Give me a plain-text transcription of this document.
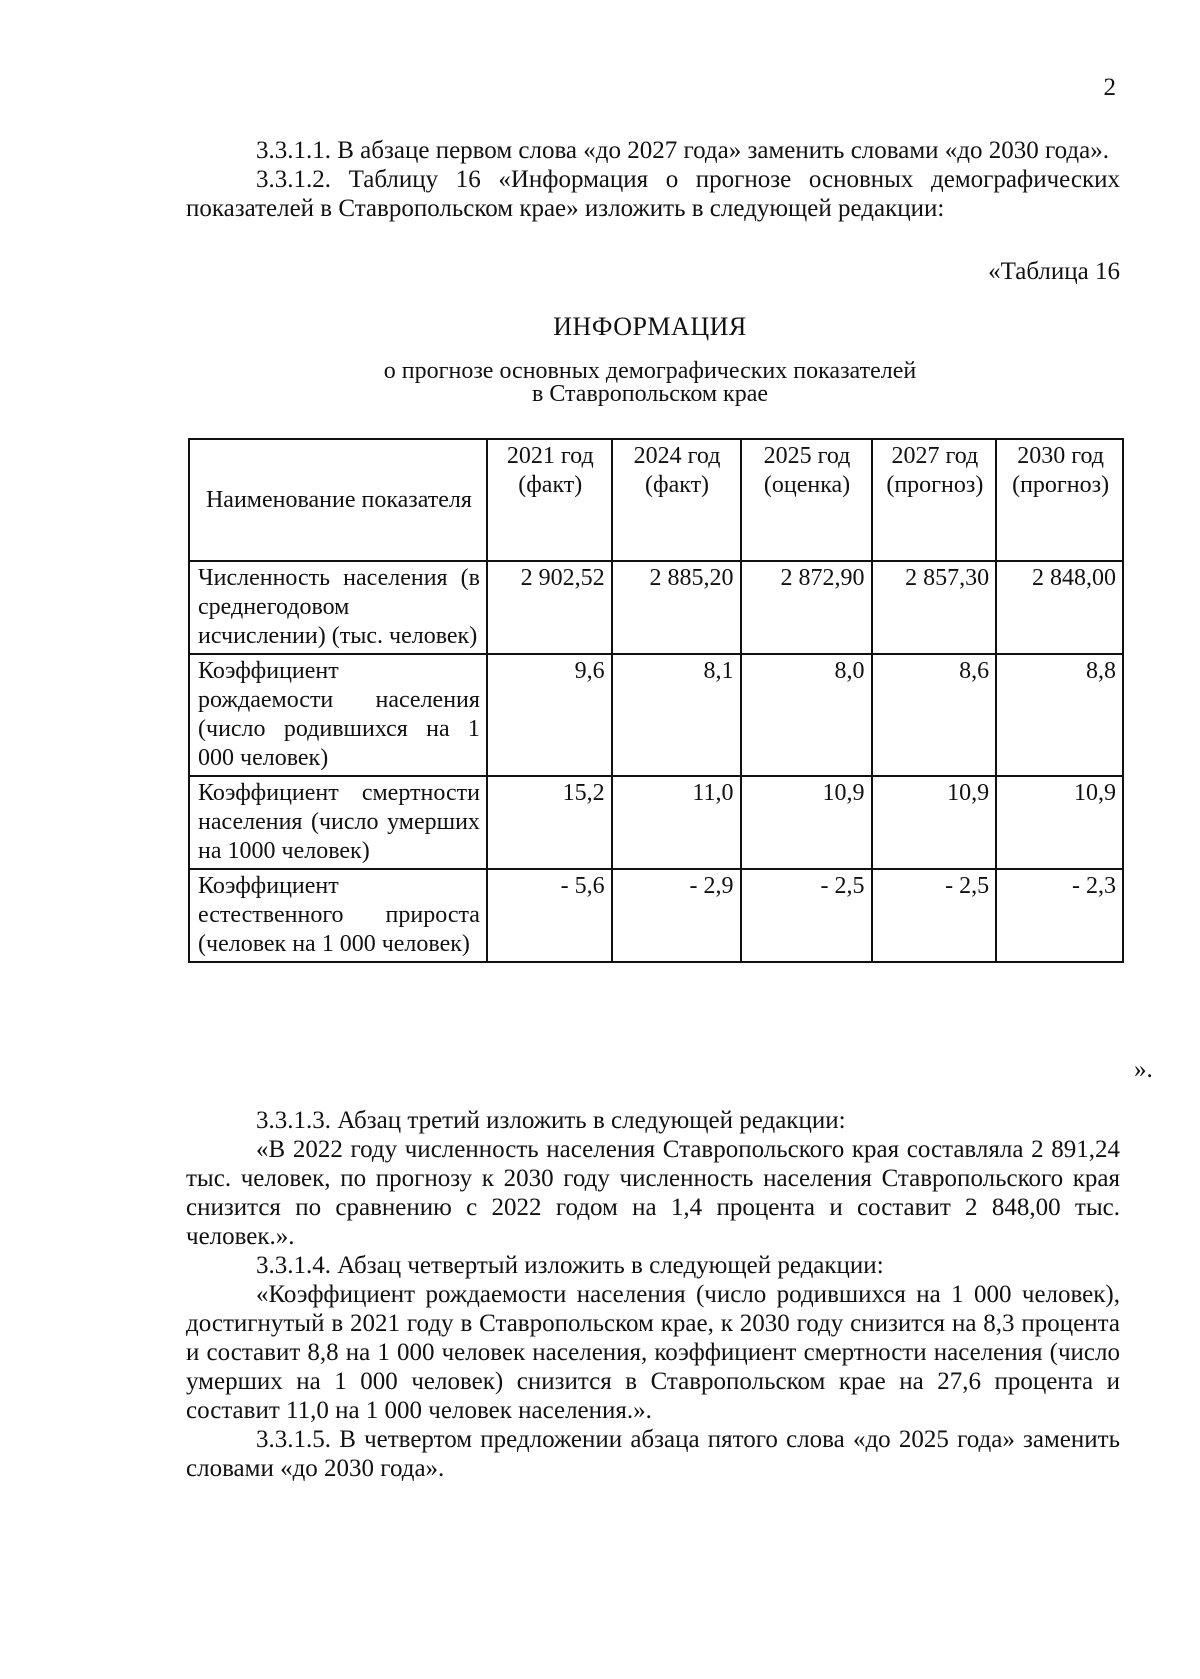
2

3.3.1.1. В абзаце первом слова «до 2027 года» заменить словами «до 2030 года».

3.3.1.2. Таблицу 16 «Информация о прогнозе основных демографических показателей в Ставропольском крае» изложить в следующей редакции:

«Таблица 16
ИНФОРМАЦИЯ
о прогнозе основных демографических показателей
в Ставропольском крае
Наименование показателя	2021 год (факт)	2024 год (факт)	2025 год (оценка)	2027 год (прогноз)	2030 год (прогноз)
Численность населения (в среднегодовом исчислении) (тыс. человек)	2 902,52	2 885,20	2 872,90	2 857,30	2 848,00
Коэффициент рождаемости населения (число родившихся на 1 000 человек)	9,6	8,1	8,0	8,6	8,8
Коэффициент смертности населения (число умерших на 1000 человек)	15,2	11,0	10,9	10,9	10,9
Коэффициент естественного прироста (человек на 1 000 человек)	- 5,6	- 2,9	- 2,5	- 2,5	- 2,3
».

3.3.1.3. Абзац третий изложить в следующей редакции:

«В 2022 году численность населения Ставропольского края составляла 2 891,24 тыс. человек, по прогнозу к 2030 году численность населения Ставропольского края снизится по сравнению с 2022 годом на 1,4 процента и составит 2 848,00 тыс. человек.».

3.3.1.4. Абзац четвертый изложить в следующей редакции:

«Коэффициент рождаемости населения (число родившихся на 1 000 человек), достигнутый в 2021 году в Ставропольском крае, к 2030 году снизится на 8,3 процента и составит 8,8 на 1 000 человек населения, коэффициент смертности населения (число умерших на 1 000 человек) снизится в Ставропольском крае на 27,6 процента и составит 11,0 на 1 000 человек населения.».

3.3.1.5. В четвертом предложении абзаца пятого слова «до 2025 года» заменить словами «до 2030 года».
